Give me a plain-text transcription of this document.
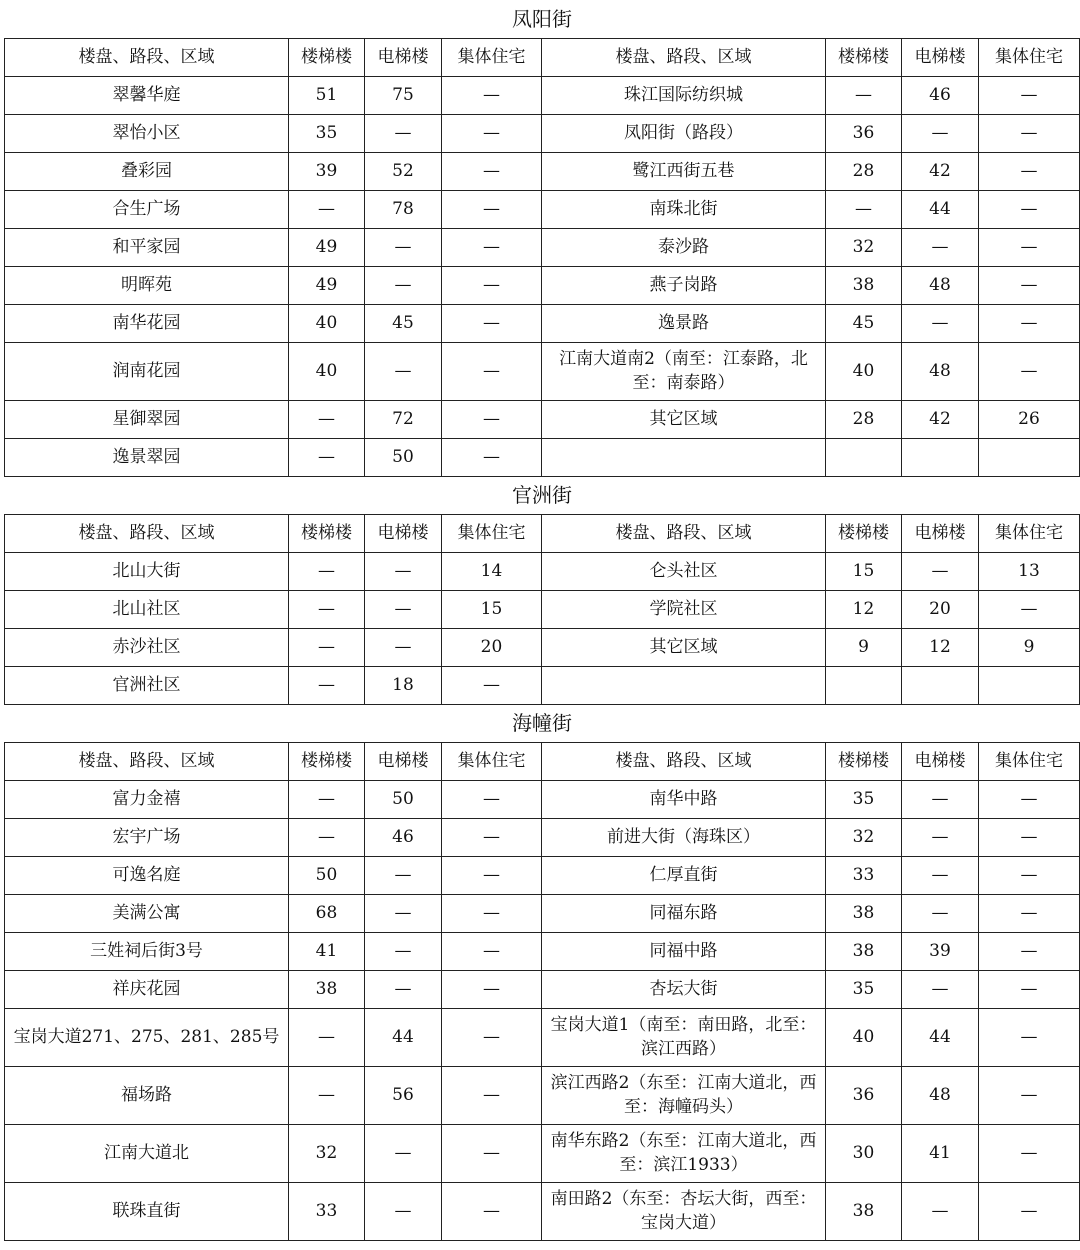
凤阳街							
楼盘、路段、区域	楼梯楼	电梯楼	集体住宅	楼盘、路段、区域	楼梯楼	电梯楼	集体住宅
翠馨华庭	51	75	—	珠江国际纺织城	—	46	—
翠怡小区	35	—	—	凤阳街（路段）	36	—	—
叠彩园	39	52	—	鹭江西街五巷	28	42	—
合生广场	—	78	—	南珠北街	—	44	—
和平家园	49	—	—	泰沙路	32	—	—
明晖苑	49	—	—	燕子岗路	38	48	—
南华花园	40	45	—	逸景路	45	—	—
润南花园	40	—	—	江南大道南2（南至：江泰路，北至：南泰路）	40	48	—
星御翠园	—	72	—	其它区域	28	42	26
逸景翠园	—	50	—				
官洲街							
楼盘、路段、区域	楼梯楼	电梯楼	集体住宅	楼盘、路段、区域	楼梯楼	电梯楼	集体住宅
北山大街	—	—	14	仑头社区	15	—	13
北山社区	—	—	15	学院社区	12	20	—
赤沙社区	—	—	20	其它区域	9	12	9
官洲社区	—	18	—				
海幢街							
楼盘、路段、区域	楼梯楼	电梯楼	集体住宅	楼盘、路段、区域	楼梯楼	电梯楼	集体住宅
富力金禧	—	50	—	南华中路	35	—	—
宏宇广场	—	46	—	前进大街（海珠区）	32	—	—
可逸名庭	50	—	—	仁厚直街	33	—	—
美满公寓	68	—	—	同福东路	38	—	—
三姓祠后街3号	41	—	—	同福中路	38	39	—
祥庆花园	38	—	—	杏坛大街	35	—	—
宝岗大道271、275、281、285号	—	44	—	宝岗大道1（南至：南田路，北至：滨江西路）	40	44	—
福场路	—	56	—	滨江西路2（东至：江南大道北，西至：海幢码头）	36	48	—
江南大道北	32	—	—	南华东路2（东至：江南大道北，西至：滨江1933）	30	41	—
联珠直街	33	—	—	南田路2（东至：杏坛大街，西至：宝岗大道）	38	—	—
